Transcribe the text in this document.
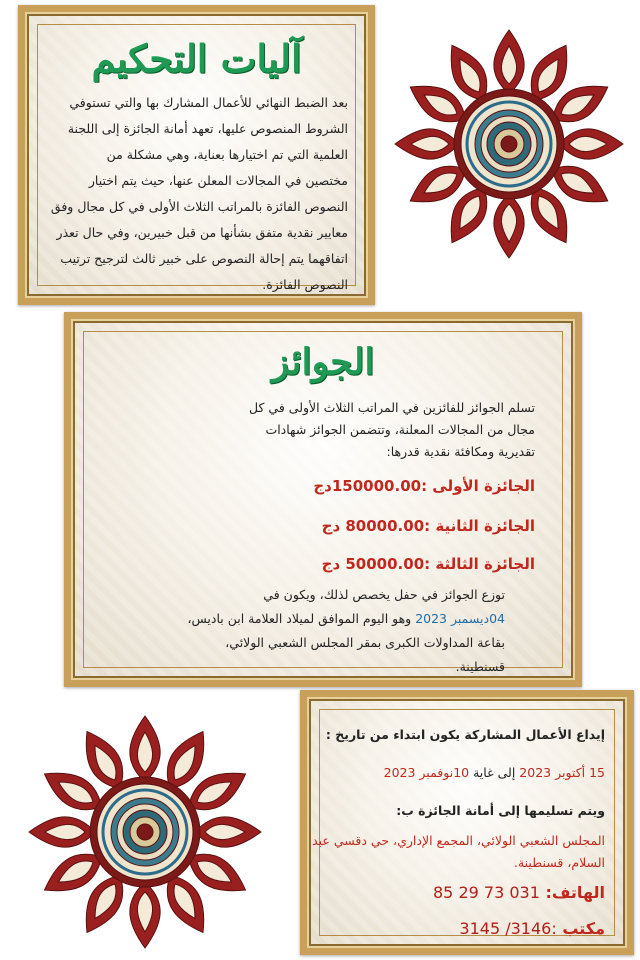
آليات التحكيم
بعد الضبط النهائي للأعمال المشارك بها والتي تستوفي
الشروط المنصوص عليها، تعهد أمانة الجائزة إلى اللجنة
العلمية التي تم اختيارها بعناية، وهي مشكلة من
مختصين في المجالات المعلن عنها، حيث يتم اختيار
النصوص الفائزة بالمراتب الثلاث الأولى في كل مجال وفق
معايير نقدية متفق بشأنها من قبل خبيرين، وفي حال تعذر
اتفاقهما يتم إحالة النصوص على خبير ثالث لترجيح ترتيب
النصوص الفائزة.
الجوائز
تسلم الجوائز للفائزين في المراتب الثلاث الأولى في كل
مجال من المجالات المعلنة، وتتضمن الجوائز شهادات
تقديرية ومكافئة نقدية قدرها:
الجائزة الأولى :150000.00دج
الجائزة الثانية :80000.00 دج
الجائزة الثالثة :50000.00 دج
توزع الجوائز في حفل يخصص لذلك، ويكون في
04ديسمبر 2023 وهو اليوم الموافق لميلاد العلامة ابن باديس،
بقاعة المداولات الكبرى بمقر المجلس الشعبي الولائي،
قسنطينة.
إيداع الأعمال المشاركة يكون ابتداء من تاريخ :
15 أكتوبر 2023 إلى غاية 10نوفمبر 2023
ويتم تسليمها إلى أمانة الجائزة ب:
المجلس الشعبي الولائي، المجمع الإداري، حي دقسي عبد
السلام، قسنطينة.
الهاتف: 031 73 29 85
مكتب :3146/ 3145
